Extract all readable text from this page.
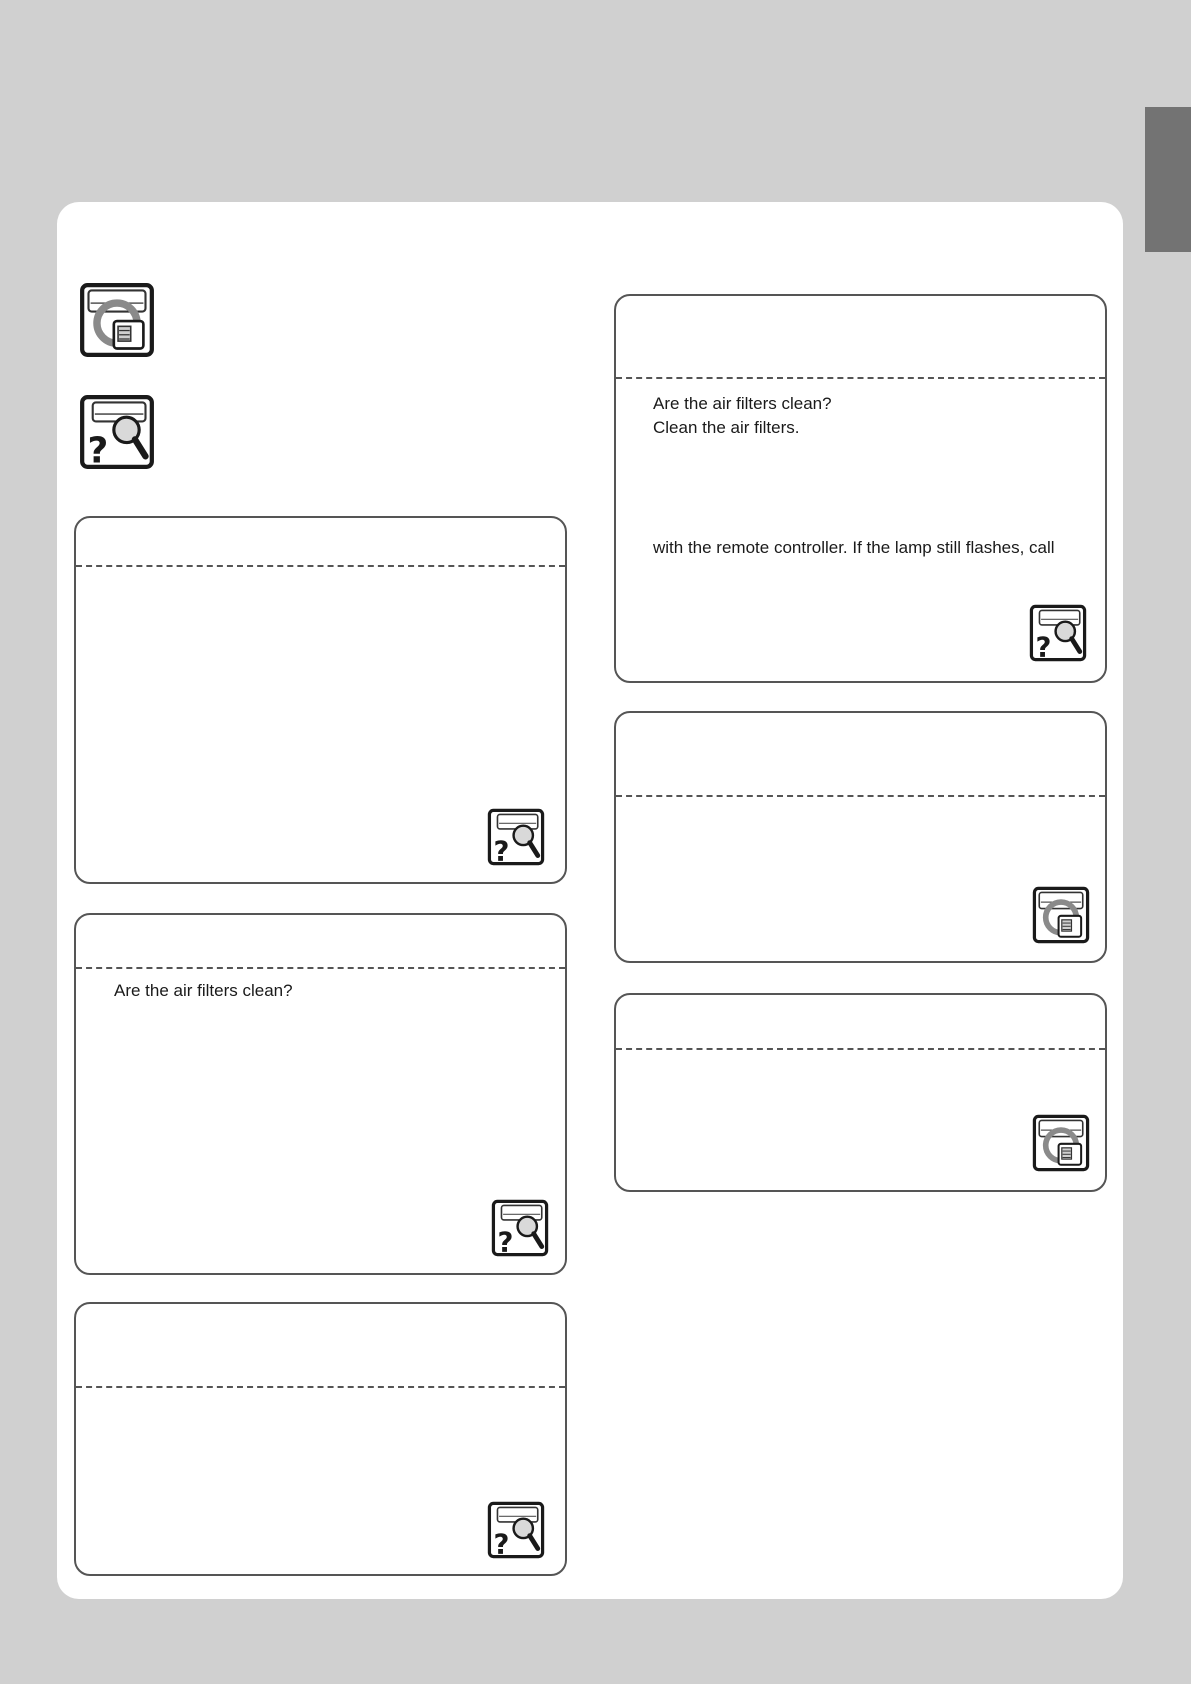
Are the air filters clean?
Are the air filters clean?
Clean the air filters.
with the remote controller. If the lamp still flashes, call
